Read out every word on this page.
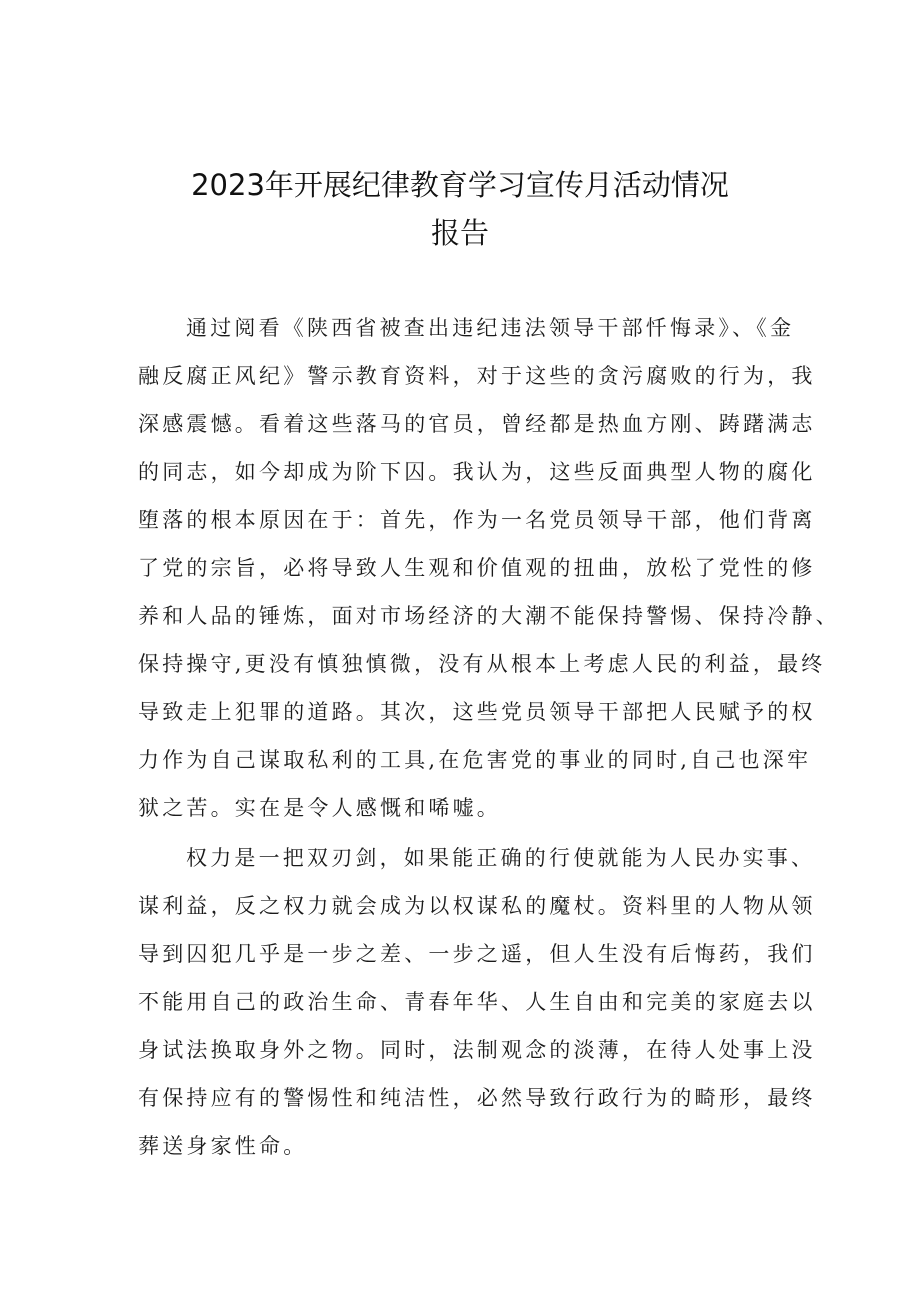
2023年开展纪律教育学习宣传月活动情况
报告
通过阅看《陕西省被查出违纪违法领导干部忏悔录》、《金
融反腐正风纪》警示教育资料，对于这些的贪污腐败的行为，我
深感震憾。看着这些落马的官员，曾经都是热血方刚、踌躇满志
的同志，如今却成为阶下囚。我认为，这些反面典型人物的腐化
堕落的根本原因在于：首先，作为一名党员领导干部，他们背离
了党的宗旨，必将导致人生观和价值观的扭曲，放松了党性的修
养和人品的锤炼，面对市场经济的大潮不能保持警惕、保持冷静、
保持操守,更没有慎独慎微，没有从根本上考虑人民的利益，最终
导致走上犯罪的道路。其次，这些党员领导干部把人民赋予的权
力作为自己谋取私利的工具,在危害党的事业的同时,自己也深牢
狱之苦。实在是令人感慨和唏嘘。
权力是一把双刃剑，如果能正确的行使就能为人民办实事、
谋利益，反之权力就会成为以权谋私的魔杖。资料里的人物从领
导到囚犯几乎是一步之差、一步之遥，但人生没有后悔药，我们
不能用自己的政治生命、青春年华、人生自由和完美的家庭去以
身试法换取身外之物。同时，法制观念的淡薄，在待人处事上没
有保持应有的警惕性和纯洁性，必然导致行政行为的畸形，最终
葬送身家性命。
